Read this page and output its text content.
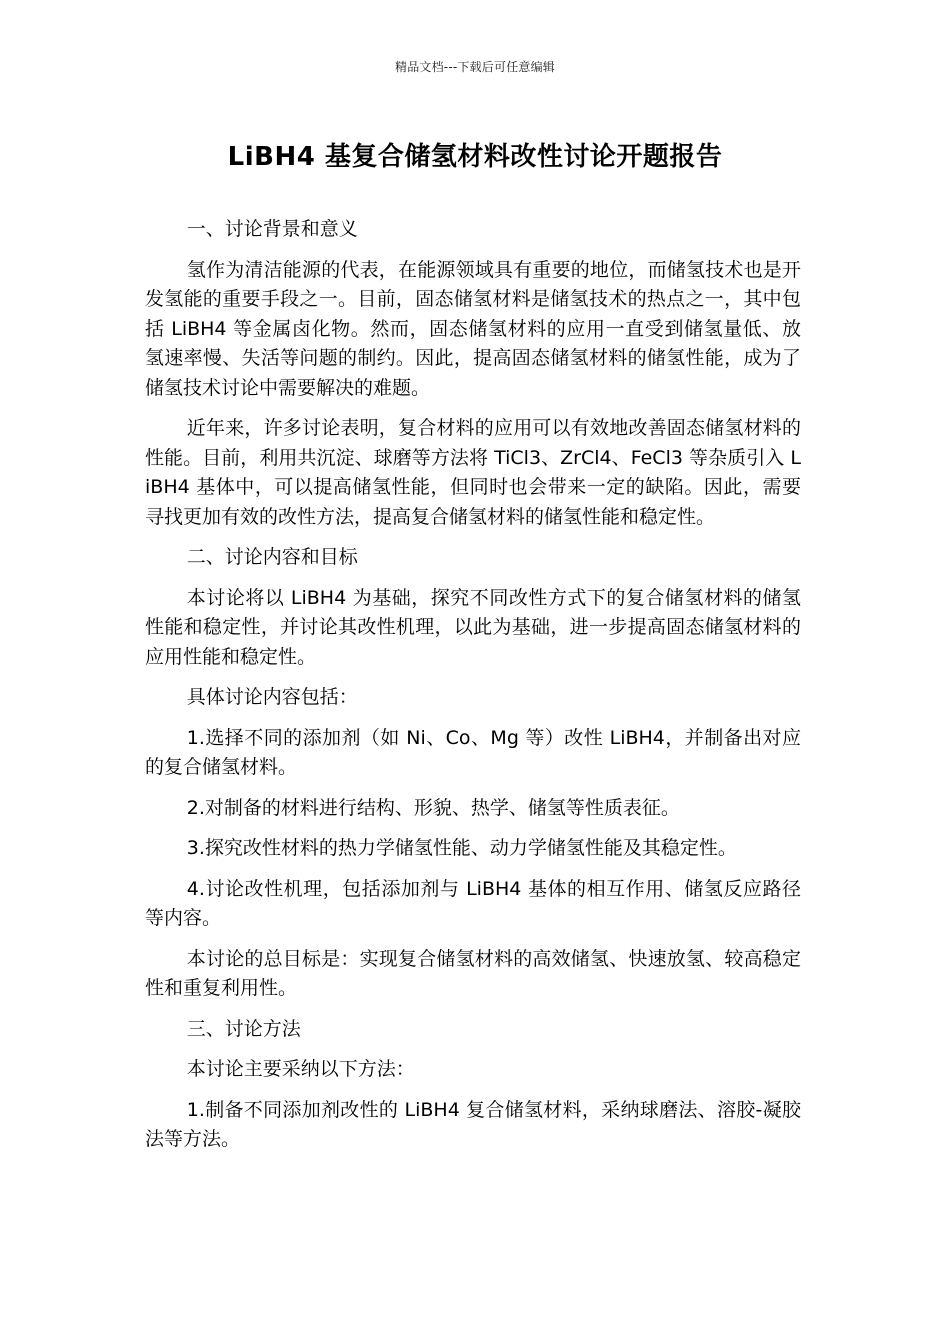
精品文档---下载后可任意编辑
LiBH4 基复合储氢材料改性讨论开题报告

一、讨论背景和意义

氢作为清洁能源的代表，在能源领域具有重要的地位，而储氢技术也是开发氢能的重要手段之一。目前，固态储氢材料是储氢技术的热点之一，其中包括 LiBH4 等金属卤化物。然而，固态储氢材料的应用一直受到储氢量低、放氢速率慢、失活等问题的制约。因此，提高固态储氢材料的储氢性能，成为了储氢技术讨论中需要解决的难题。

近年来，许多讨论表明，复合材料的应用可以有效地改善固态储氢材料的性能。目前，利用共沉淀、球磨等方法将 TiCl3、ZrCl4、FeCl3 等杂质引入 LiBH4 基体中，可以提高储氢性能，但同时也会带来一定的缺陷。因此，需要寻找更加有效的改性方法，提高复合储氢材料的储氢性能和稳定性。

二、讨论内容和目标

本讨论将以 LiBH4 为基础，探究不同改性方式下的复合储氢材料的储氢性能和稳定性，并讨论其改性机理，以此为基础，进一步提高固态储氢材料的应用性能和稳定性。

具体讨论内容包括：

1.选择不同的添加剂（如 Ni、Co、Mg 等）改性 LiBH4，并制备出对应的复合储氢材料。

2.对制备的材料进行结构、形貌、热学、储氢等性质表征。

3.探究改性材料的热力学储氢性能、动力学储氢性能及其稳定性。

4.讨论改性机理，包括添加剂与 LiBH4 基体的相互作用、储氢反应路径等内容。

本讨论的总目标是：实现复合储氢材料的高效储氢、快速放氢、较高稳定性和重复利用性。

三、讨论方法

本讨论主要采纳以下方法：

1.制备不同添加剂改性的 LiBH4 复合储氢材料，采纳球磨法、溶胶-凝胶法等方法。
